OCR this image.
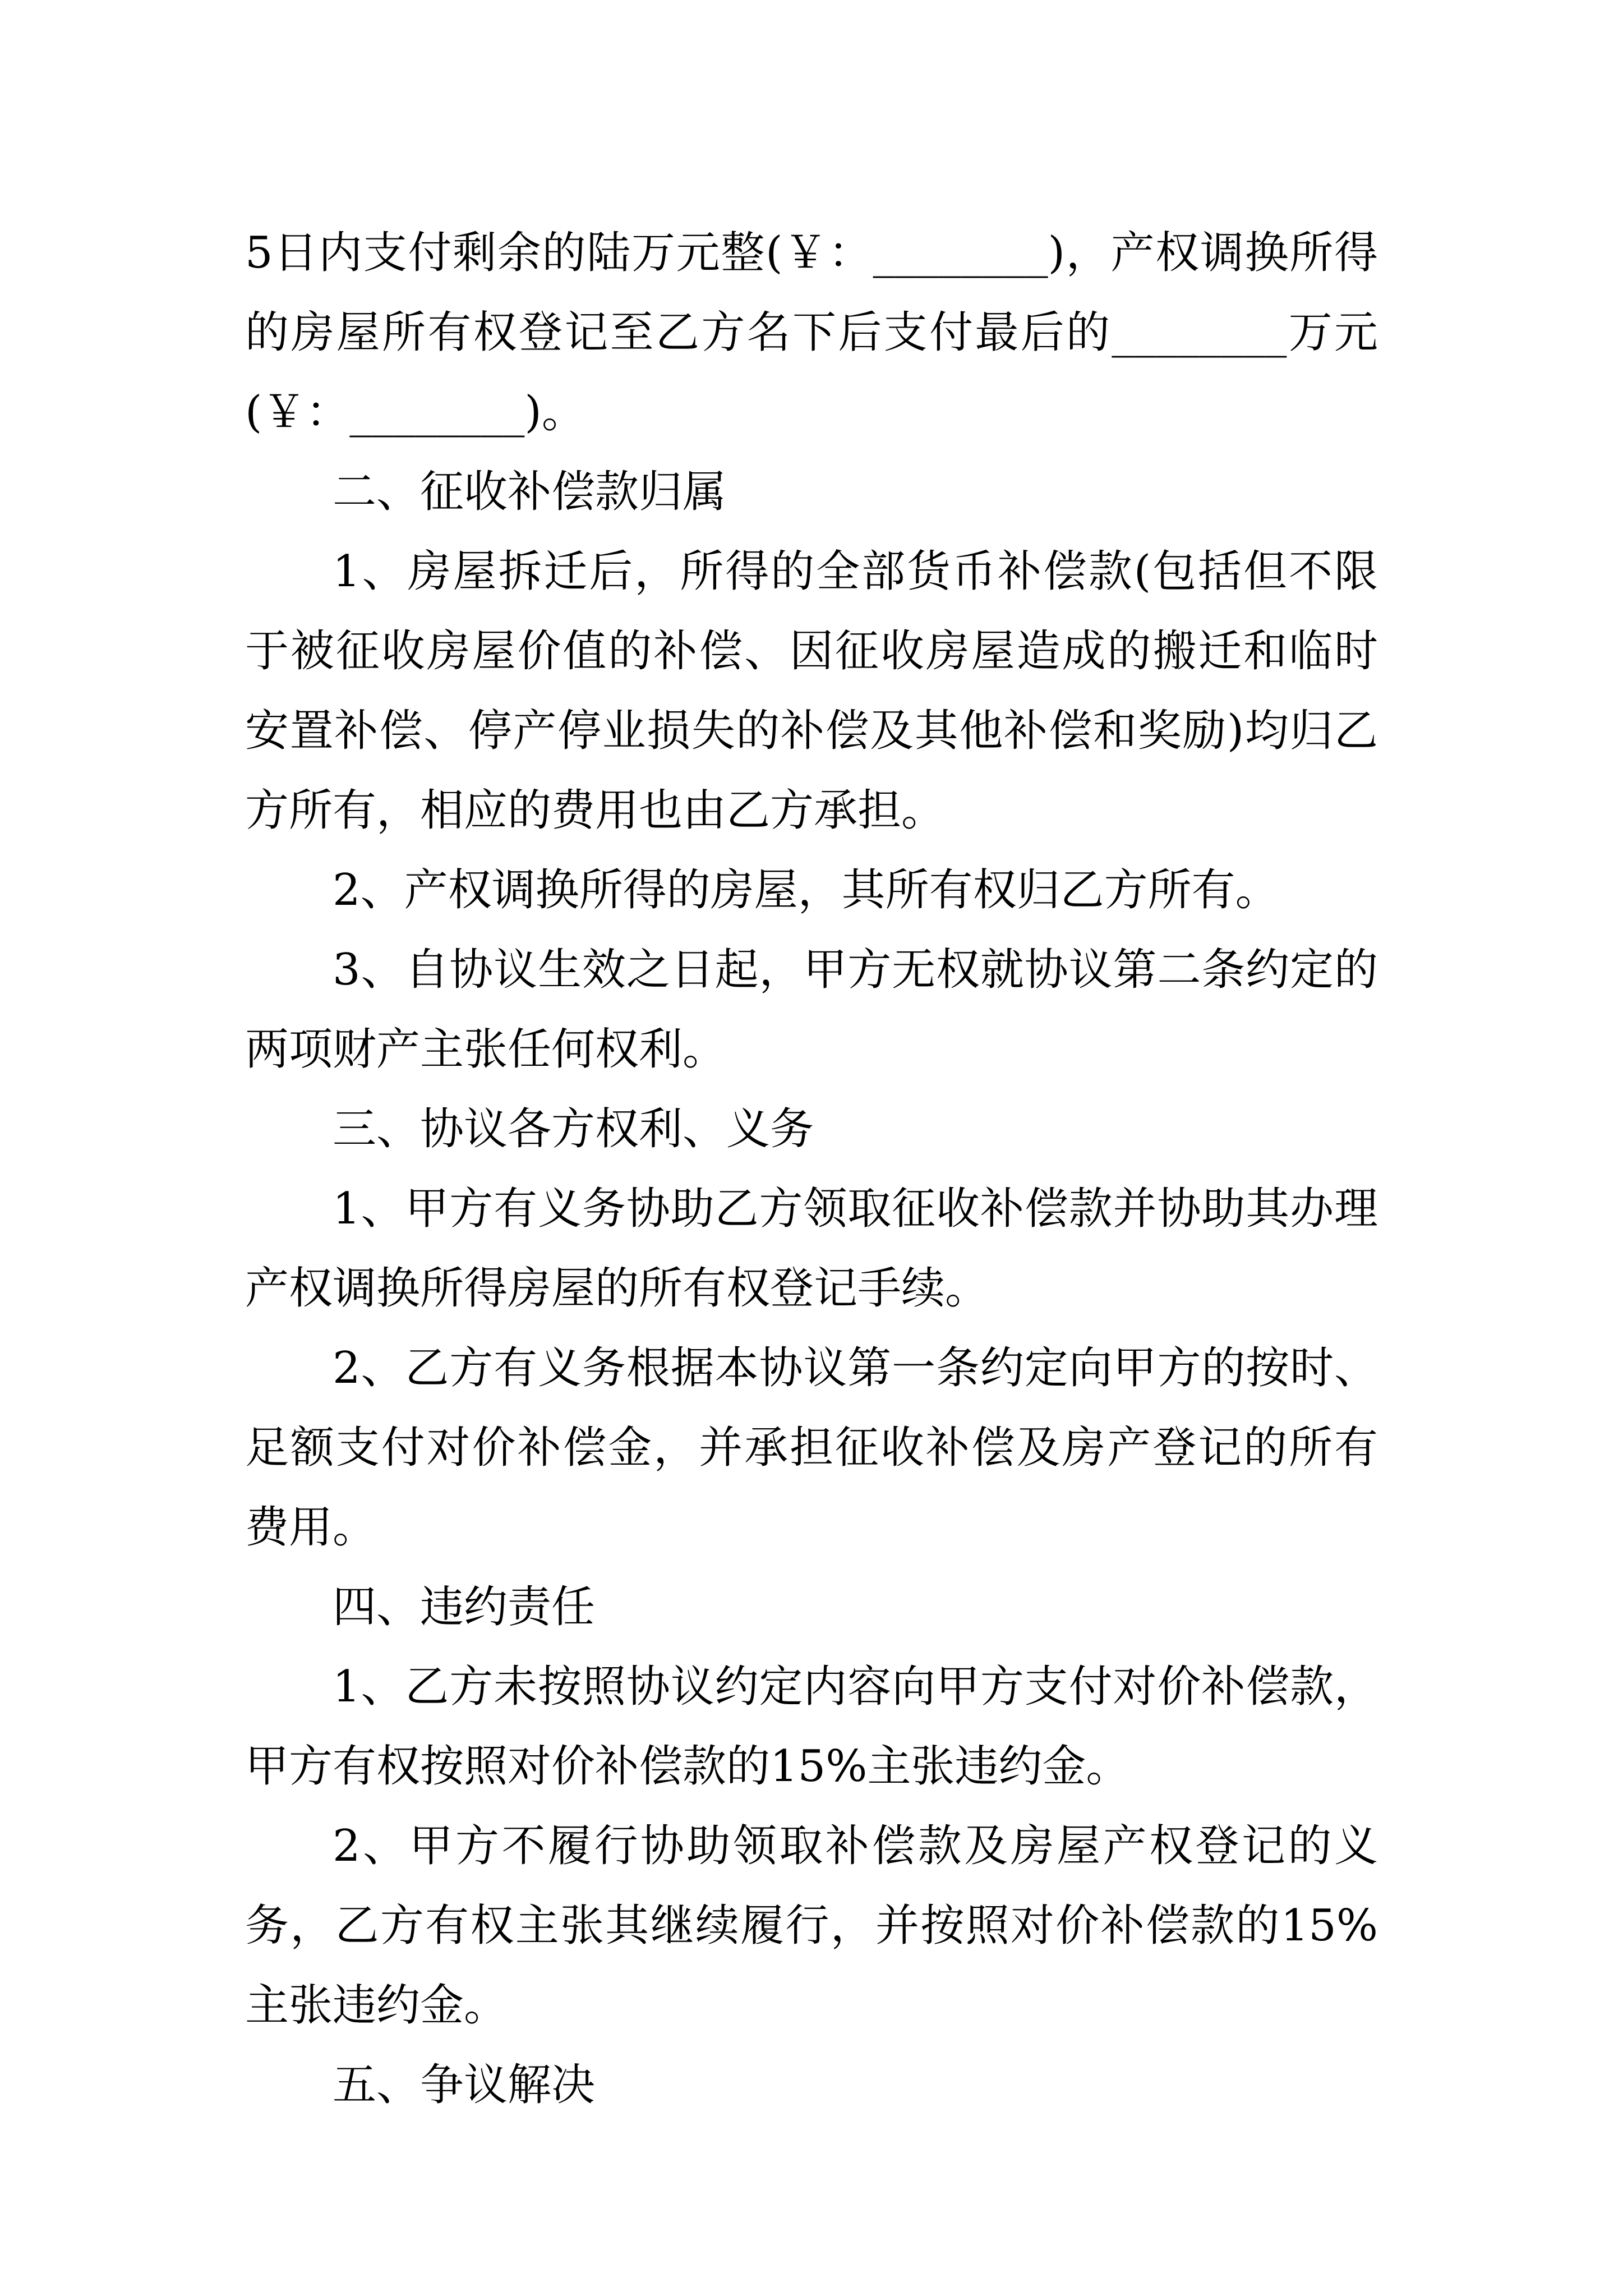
5日内支付剩余的陆万元整(￥：________)，产权调换所得的房屋所有权登记至乙方名下后支付最后的________万元(￥：________)。

二、征收补偿款归属

1、房屋拆迁后，所得的全部货币补偿款(包括但不限于被征收房屋价值的补偿、因征收房屋造成的搬迁和临时安置补偿、停产停业损失的补偿及其他补偿和奖励)均归乙方所有，相应的费用也由乙方承担。

2、产权调换所得的房屋，其所有权归乙方所有。

3、自协议生效之日起，甲方无权就协议第二条约定的两项财产主张任何权利。

三、协议各方权利、义务

1、甲方有义务协助乙方领取征收补偿款并协助其办理产权调换所得房屋的所有权登记手续。

2、乙方有义务根据本协议第一条约定向甲方的按时、足额支付对价补偿金，并承担征收补偿及房产登记的所有费用。

四、违约责任

1、乙方未按照协议约定内容向甲方支付对价补偿款，甲方有权按照对价补偿款的15%主张违约金。

2、甲方不履行协助领取补偿款及房屋产权登记的义务，乙方有权主张其继续履行，并按照对价补偿款的15%主张违约金。

五、争议解决
